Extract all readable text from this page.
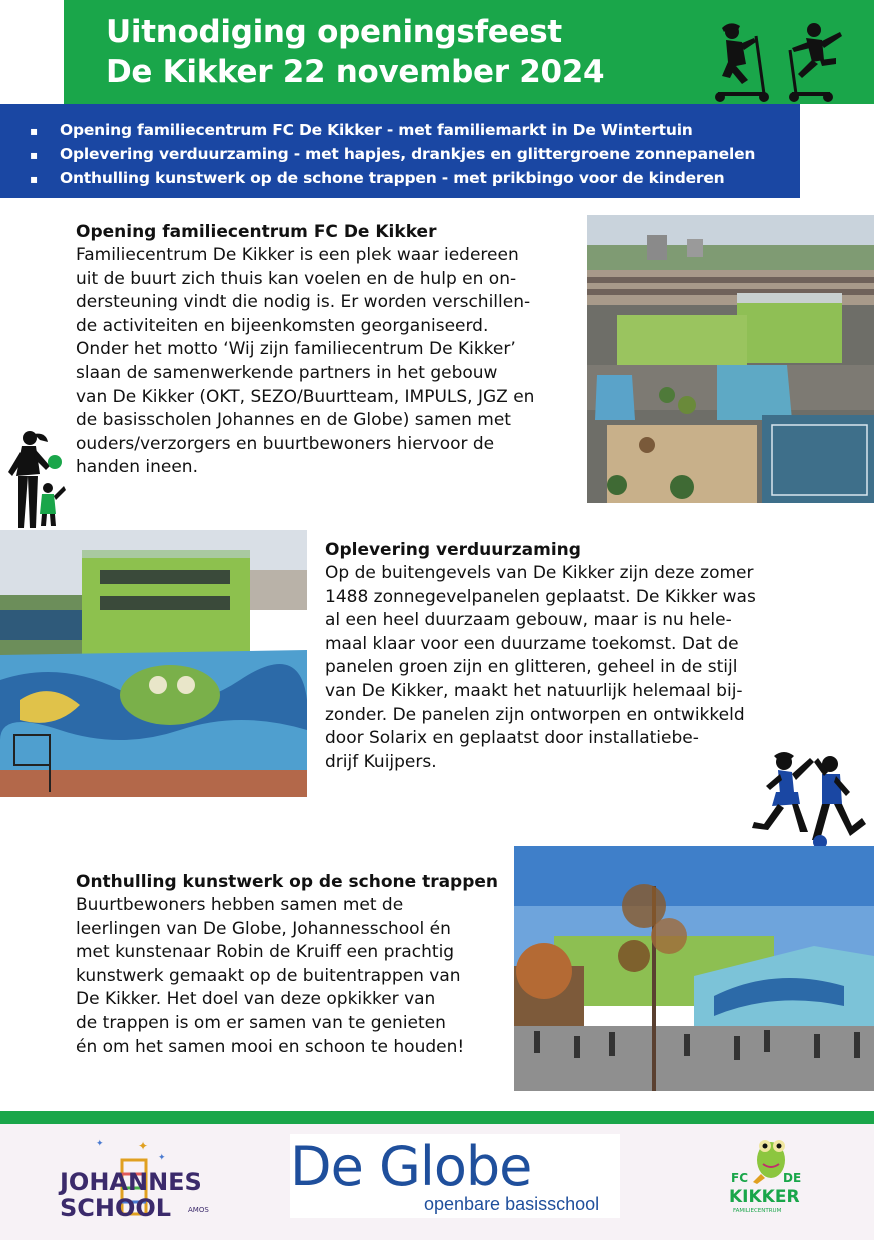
Uitnodiging openingsfeest
De Kikker 22 november 2024
▪ Opening familiecentrum FC De Kikker - met familiemarkt in De Wintertuin
▪ Oplevering verduurzaming - met hapjes, drankjes en glittergroene zonnepanelen
▪ Onthulling kunstwerk op de schone trappen - met prikbingo voor de kinderen
Opening familiecentrum FC De Kikker
Familiecentrum De Kikker is een plek waar iedereen
uit de buurt zich thuis kan voelen en de hulp en on-
dersteuning vindt die nodig is. Er worden verschillen-
de activiteiten en bijeenkomsten georganiseerd.
Onder het motto ‘Wij zijn familiecentrum De Kikker’
slaan de samenwerkende partners in het gebouw
van De Kikker (OKT, SEZO/Buurtteam, IMPULS, JGZ en
de basisscholen Johannes en de Globe) samen met
ouders/verzorgers en buurtbewoners hiervoor de
handen ineen.
Oplevering verduurzaming
Op de buitengevels van De Kikker zijn deze zomer
1488 zonnegevelpanelen geplaatst. De Kikker was
al een heel duurzaam gebouw, maar is nu hele-
maal klaar voor een duurzame toekomst. Dat de
panelen groen zijn en glitteren, geheel in de stijl
van De Kikker, maakt het natuurlijk helemaal bij-
zonder. De panelen zijn ontworpen en ontwikkeld
door Solarix en geplaatst door installatiebe-
drijf Kuijpers.
Onthulling kunstwerk op de schone trappen
Buurtbewoners hebben samen met de
leerlingen van De Globe, Johannesschool én
met kunstenaar Robin de Kruiff een prachtig
kunstwerk gemaakt op de buitentrappen van
De Kikker. Het doel van deze opkikker van
de trappen is om er samen van te genieten
én om het samen mooi en schoon te houden!
✦
✦
✦
JOHANNES
SCHOOL AMOS
De Globe
openbare basisschool
FC	DE
KIKKER
FAMILIECENTRUM
